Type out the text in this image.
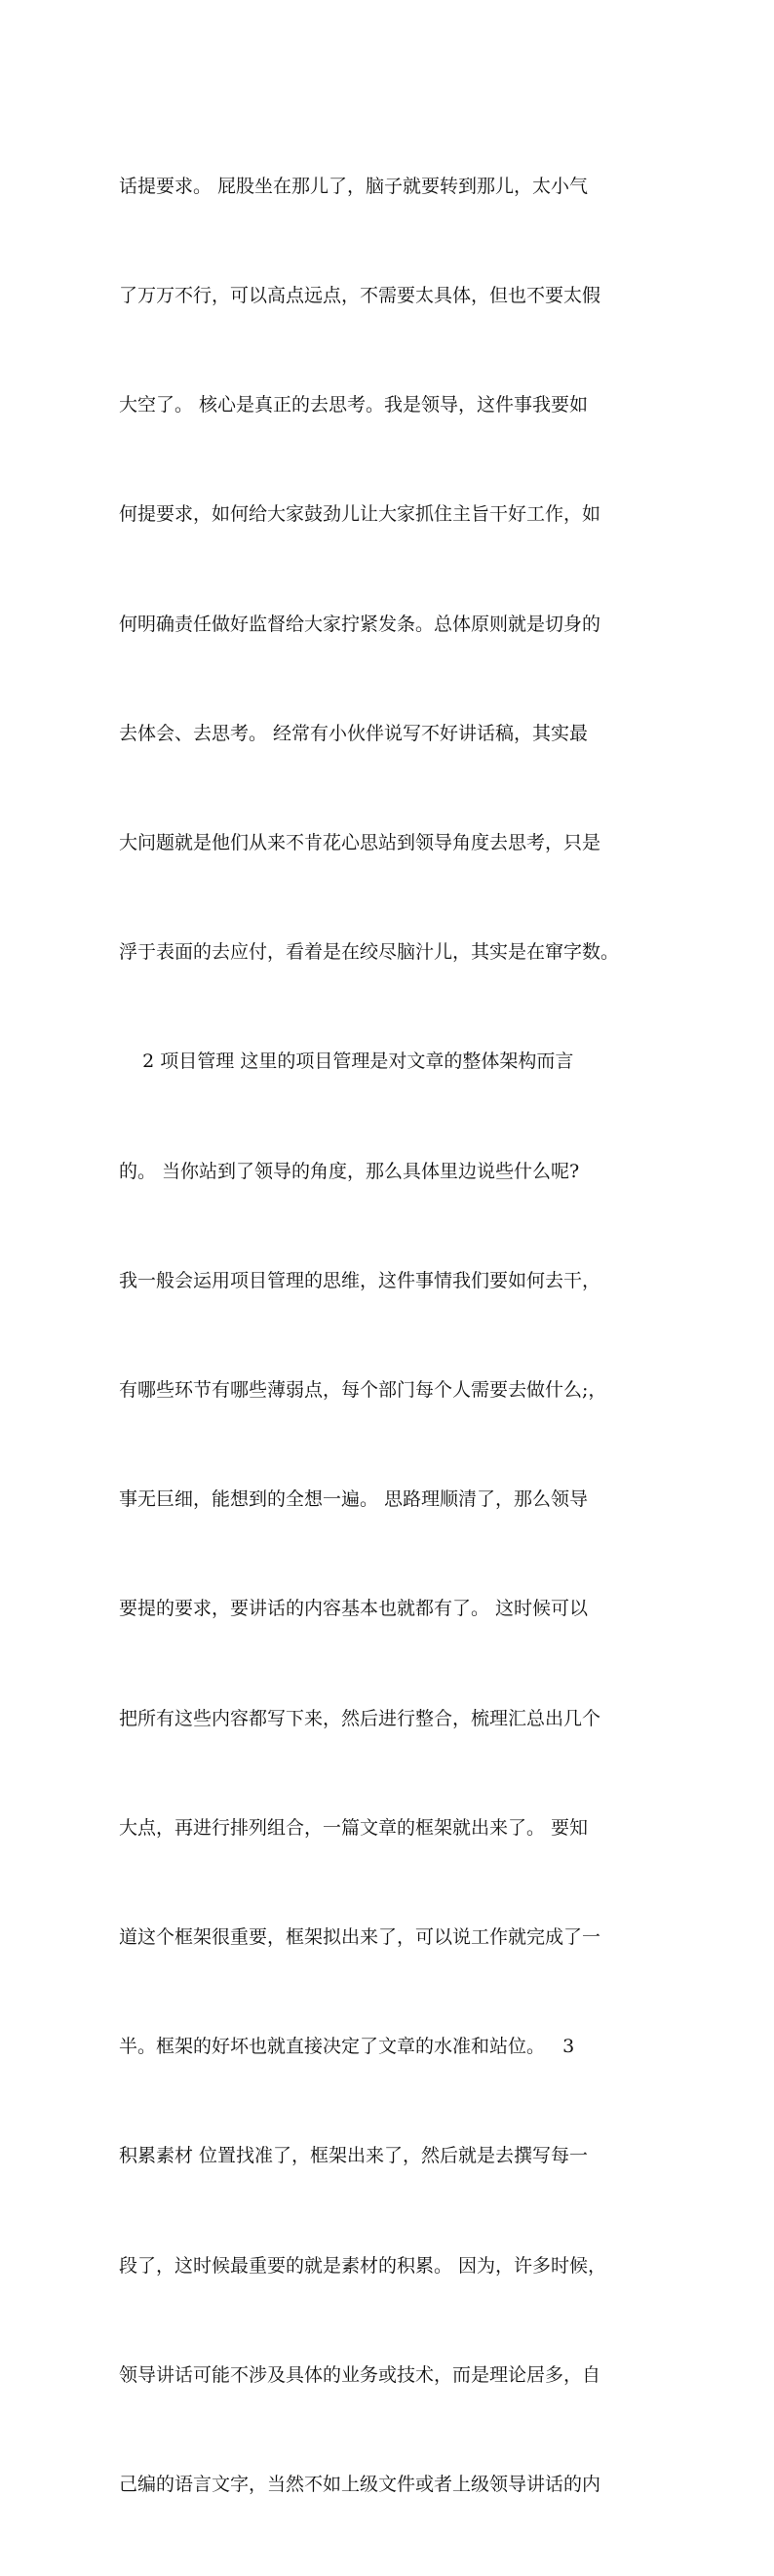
话提要求。 屁股坐在那儿了，脑子就要转到那儿，太小气

了万万不行，可以高点远点，不需要太具体，但也不要太假

大空了。 核心是真正的去思考。我是领导，这件事我要如

何提要求，如何给大家鼓劲儿让大家抓住主旨干好工作，如

何明确责任做好监督给大家拧紧发条。总体原则就是切身的

去体会、去思考。 经常有小伙伴说写不好讲话稿，其实最

大问题就是他们从来不肯花心思站到领导角度去思考，只是

浮于表面的去应付，看着是在绞尽脑汁儿，其实是在窜字数。

2 项目管理 这里的项目管理是对文章的整体架构而言

的。 当你站到了领导的角度，那么具体里边说些什么呢?

我一般会运用项目管理的思维，这件事情我们要如何去干，

有哪些环节有哪些薄弱点，每个部门每个人需要去做什么;，

事无巨细，能想到的全想一遍。 思路理顺清了，那么领导

要提的要求，要讲话的内容基本也就都有了。 这时候可以

把所有这些内容都写下来，然后进行整合，梳理汇总出几个

大点，再进行排列组合，一篇文章的框架就出来了。 要知

道这个框架很重要，框架拟出来了，可以说工作就完成了一

半。框架的好坏也就直接决定了文章的水准和站位。   3

积累素材 位置找准了，框架出来了，然后就是去撰写每一

段了，这时候最重要的就是素材的积累。 因为，许多时候，

领导讲话可能不涉及具体的业务或技术，而是理论居多，自

己编的语言文字，当然不如上级文件或者上级领导讲话的内
